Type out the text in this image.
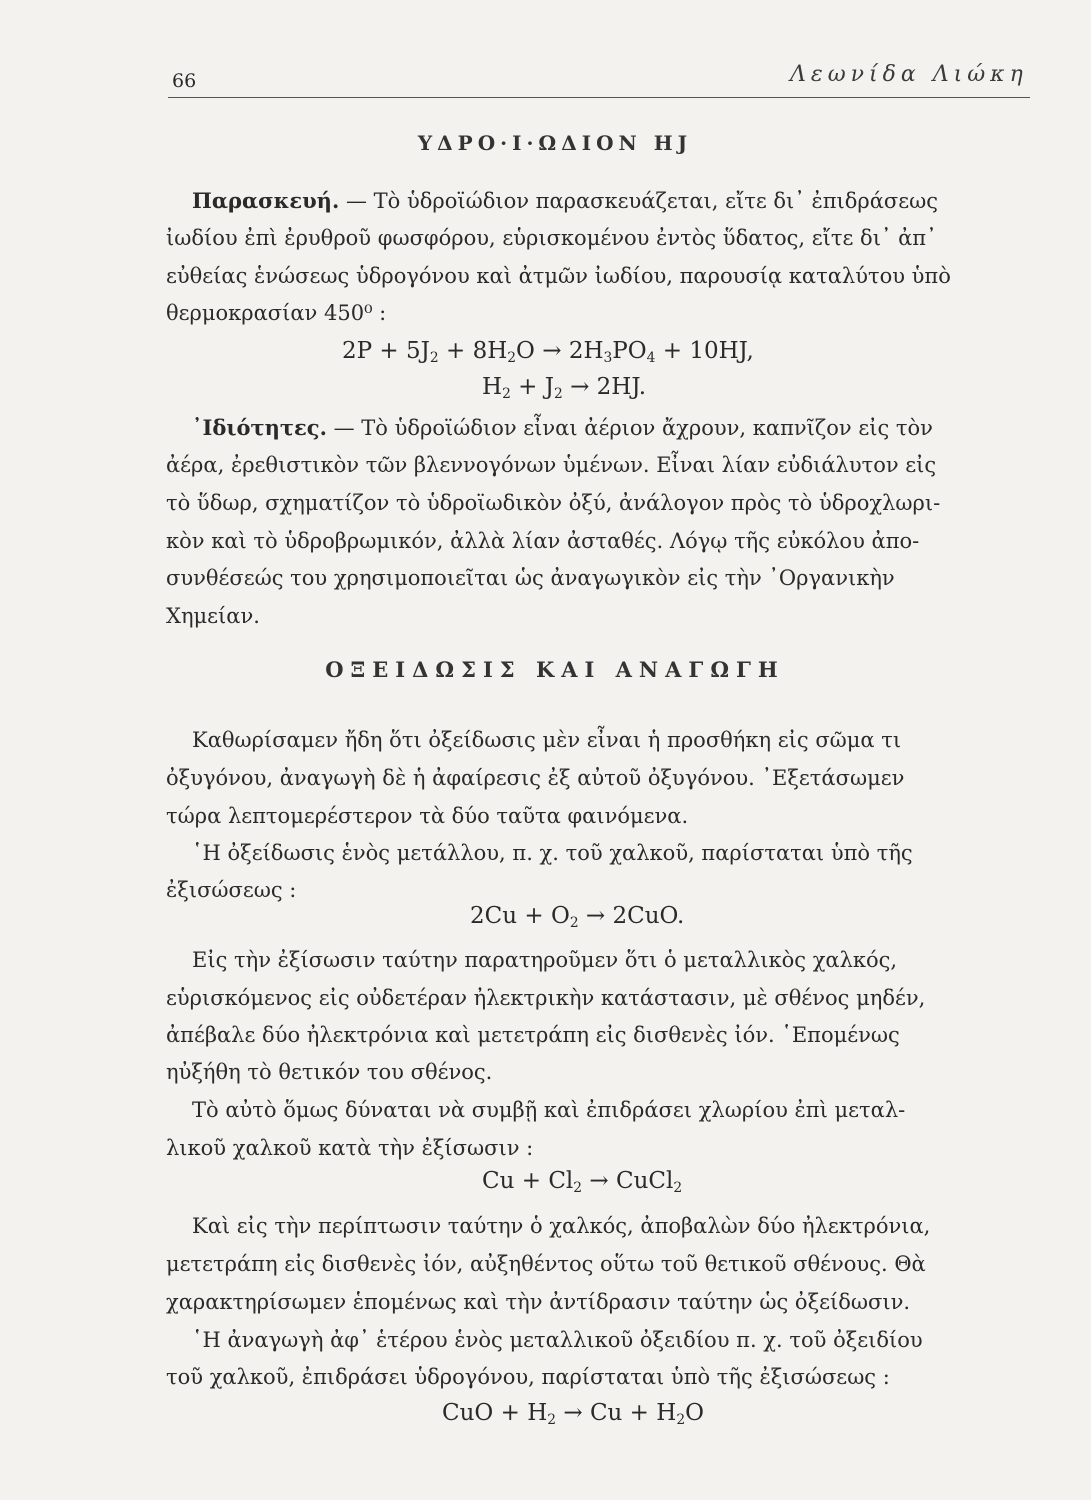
66	Λεωνίδα Λιώκη
ΥΔΡΟ·Ι·ΩΔΙΟΝ HJ
Παρασκευή. — Τὸ ὑδροϊώδιον παρασκευάζεται, εἴτε δι᾽ ἐπιδράσεως
ἰωδίου ἐπὶ ἐρυθροῦ φωσφόρου, εὑρισκομένου ἐντὸς ὕδατος, εἴτε δι᾽ ἀπ᾽
εὐθείας ἑνώσεως ὑδρογόνου καὶ ἀτμῶν ἰωδίου, παρουσίᾳ καταλύτου ὑπὸ
θερμοκρασίαν 450⁰ :
$2P + 5J_2 + 8H_2O \to 2H_3PO_4 + 10HJ$,
$H_2 + J_2 \to 2HJ$.
᾽Ιδιότητες. — Τὸ ὑδροϊώδιον εἶναι ἀέριον ἄχρουν, καπνῖζον εἰς τὸν
ἀέρα, ἐρεθιστικὸν τῶν βλεννογόνων ὑμένων. Εἶναι λίαν εὐδιάλυτον εἰς
τὸ ὕδωρ, σχηματίζον τὸ ὑδροϊωδικὸν ὀξύ, ἀνάλογον πρὸς τὸ ὑδροχλωρι-
κὸν καὶ τὸ ὑδροβρωμικόν, ἀλλὰ λίαν ἀσταθές. Λόγῳ τῆς εὐκόλου ἀπο-
συνθέσεώς του χρησιμοποιεῖται ὡς ἀναγωγικὸν εἰς τὴν ᾽Οργανικὴν
Χημείαν.
ΟΞΕΙΔΩΣΙΣ ΚΑΙ ΑΝΑΓΩΓΗ
Καθωρίσαμεν ἤδη ὅτι ὀξείδωσις μὲν εἶναι ἡ προσθήκη εἰς σῶμα τι
ὀξυγόνου, ἀναγωγὴ δὲ ἡ ἀφαίρεσις ἐξ αὐτοῦ ὀξυγόνου. ᾽Εξετάσωμεν
τώρα λεπτομερέστερον τὰ δύο ταῦτα φαινόμενα.
῾Η ὀξείδωσις ἑνὸς μετάλλου, π. χ. τοῦ χαλκοῦ, παρίσταται ὑπὸ τῆς
ἐξισώσεως :
$2Cu + O_2 \to 2CuO$.
Εἰς τὴν ἐξίσωσιν ταύτην παρατηροῦμεν ὅτι ὁ μεταλλικὸς χαλκός,
εὑρισκόμενος εἰς οὐδετέραν ἠλεκτρικὴν κατάστασιν, μὲ σθένος μηδέν,
ἀπέβαλε δύο ἠλεκτρόνια καὶ μετετράπη εἰς δισθενὲς ἰόν. ῾Επομένως
ηὐξήθη τὸ θετικόν του σθένος.
Τὸ αὐτὸ ὅμως δύναται νὰ συμβῇ καὶ ἐπιδράσει χλωρίου ἐπὶ μεταλ-
λικοῦ χαλκοῦ κατὰ τὴν ἐξίσωσιν :
$Cu + Cl_2$ → CuCl$_2$
Καὶ εἰς τὴν περίπτωσιν ταύτην ὁ χαλκός, ἀποβαλὼν δύο ἠλεκτρόνια,
μετετράπη εἰς δισθενὲς ἰόν, αὐξηθέντος οὕτω τοῦ θετικοῦ σθένους. Θὰ
χαρακτηρίσωμεν ἑπομένως καὶ τὴν ἀντίδρασιν ταύτην ὡς ὀξείδωσιν.
῾Η ἀναγωγὴ ἀφ᾽ ἑτέρου ἑνὸς μεταλλικοῦ ὀξειδίου π. χ. τοῦ ὀξειδίου
τοῦ χαλκοῦ, ἐπιδράσει ὑδρογόνου, παρίσταται ὑπὸ τῆς ἐξισώσεως :
CuO + $H_2 \to Cu + H_2O$
